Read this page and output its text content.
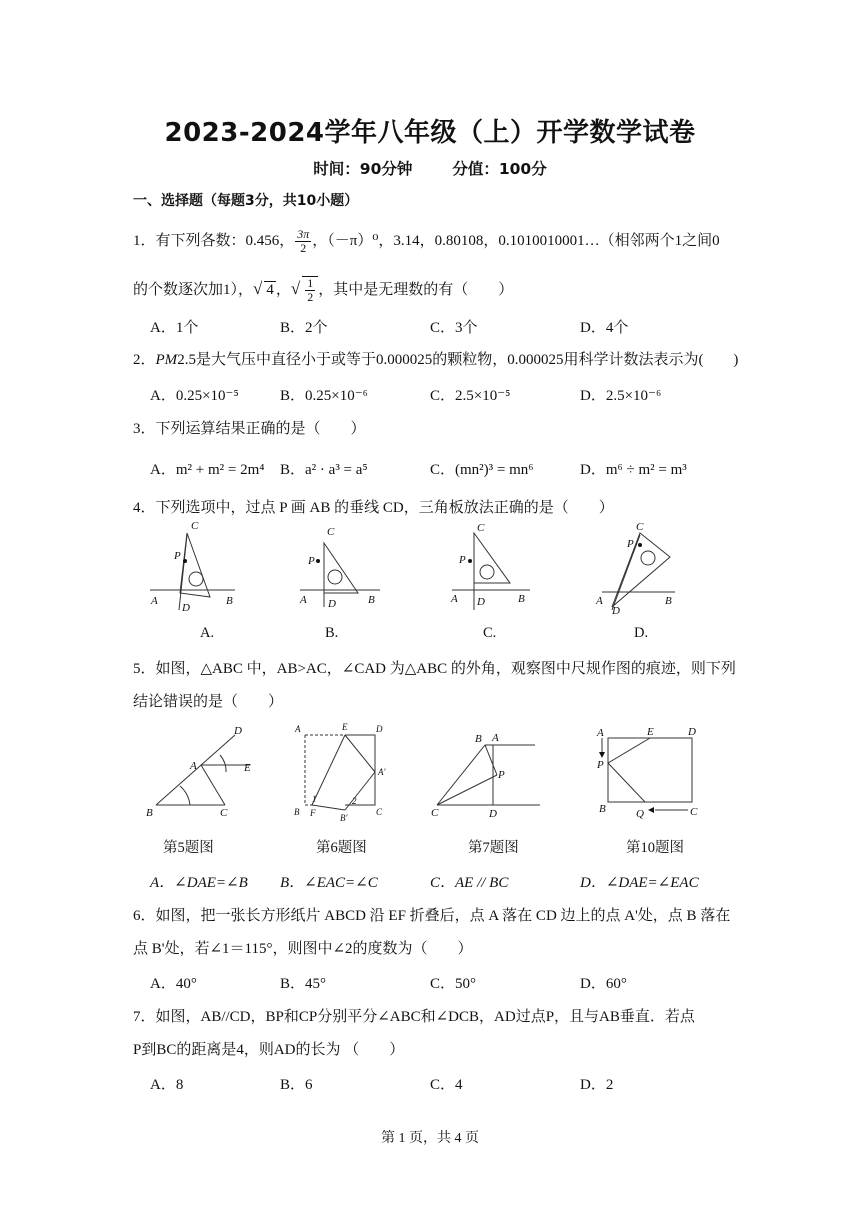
2023-2024学年八年级（上）开学数学试卷
时间：90分钟	分值：100分
一、选择题（每题3分，共10小题）
1．有下列各数：0.456， $\frac{3\pi}{2}$ ，（－π）⁰，3.14，0.80108，0.1010010001…（相邻两个1之间0
的个数逐次加1），√ 4 ，√ $\frac{1}{2}$ ，其中是无理数的有（　　）
A．1个	B．2个	C．3个	D．4个
2．PM2.5是大气压中直径小于或等于0.000025的颗粒物，0.000025用科学计数法表示为(　　)
A．0.25×10⁻⁵	B．0.25×10⁻⁶	C．2.5×10⁻⁵	D．2.5×10⁻⁶
3．下列运算结果正确的是（　　）
A．m² + m² = 2m⁴ B．a² · a³ = a⁵	C．(mn²)³ = mn⁶	D．m⁶ ÷ m² = m³
4．下列选项中，过点 P 画 AB 的垂线 CD，三角板放法正确的是（　　）
C
P
A	B
D
C
P
A	B
D
C
P
A	B
D
C
P
A	B
D
A.	B.	C.	D.
5．如图，△ABC 中，AB>AC，∠CAD 为△ABC 的外角，观察图中尺规作图的痕迹，则下列
结论错误的是（　　）
D
A	E
B	C
A	E	D
A'
B F	B'
C
1	2
B A
P
C	D
A	E	D
P
B	Q	C
第5题图	第6题图	第7题图	第10题图
A．∠DAE=∠B B．∠EAC=∠C	C．AE // BC	D．∠DAE=∠EAC
6．如图，把一张长方形纸片 ABCD 沿 EF 折叠后，点 A 落在 CD 边上的点 A'处，点 B 落在
点 B'处，若∠1＝115°，则图中∠2的度数为（　　）
A．40°	B．45°	C．50°	D．60°
7．如图，AB//CD，BP和CP分别平分∠ABC和∠DCB，AD过点P，且与AB垂直．若点
P到BC的距离是4，则AD的长为 （　　）
A．8	B．6	C．4	D．2
第 1 页，共 4 页
